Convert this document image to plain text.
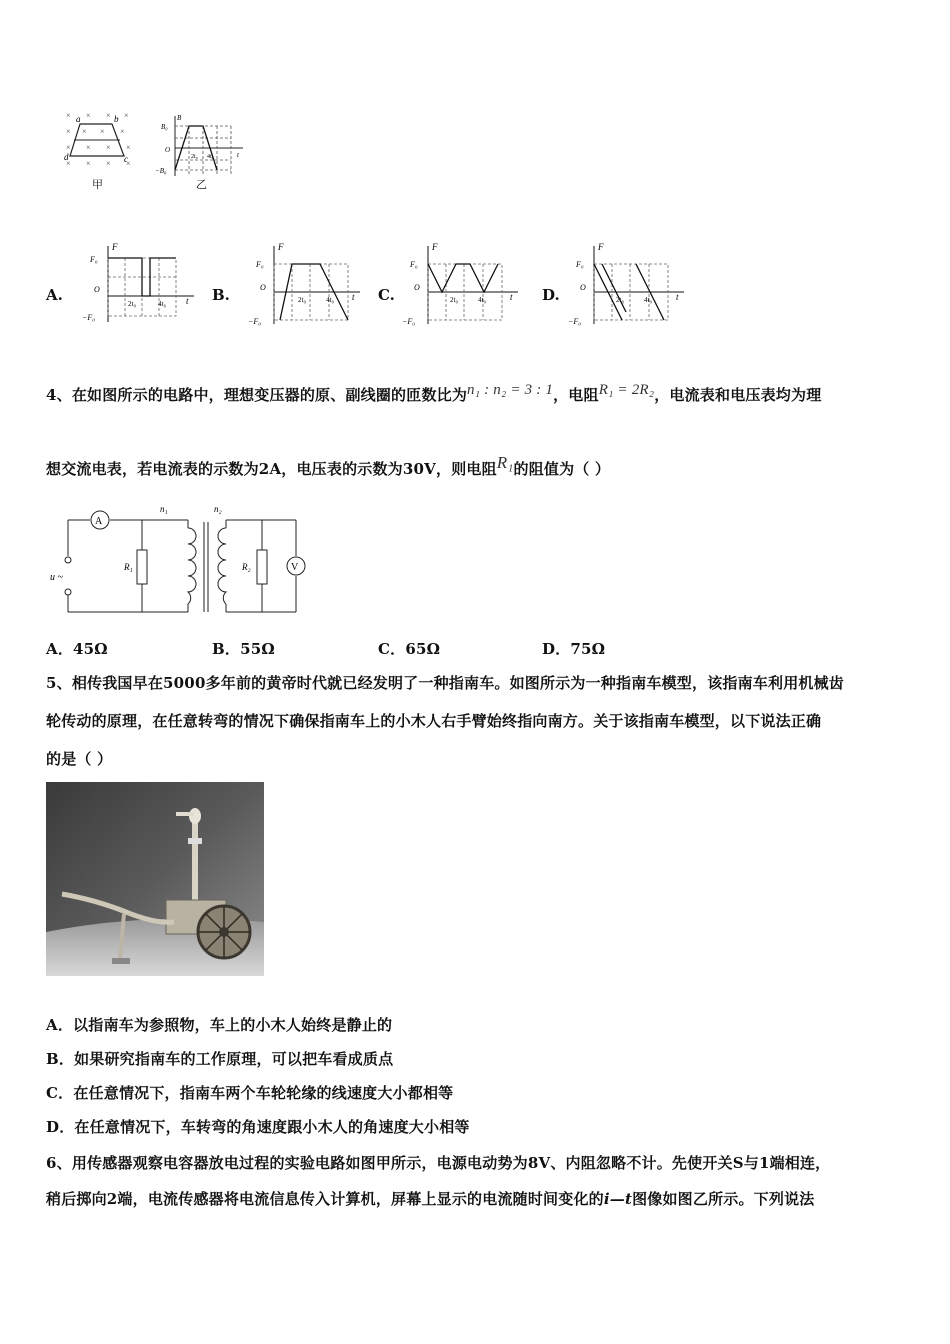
× × × ×
× × × ×
× × × ×
× × × ×
a	b
d	c
甲
B
B₀
O
−B₀
2t₀ 4t₀	t
乙
A.
F
F₀
O
−F₀
2t₀	4t₀ t B.
F
F₀
O
−F₀
2t₀	4t₀ t C.
F
F₀
O
−F₀
2t₀	4t₀	t D.
F
F₀
O
−F₀
2t₀	4t₀	t
4、在如图所示的电路中，理想变压器的原、副线圈的匝数比为n₁ : n₂ = 3 : 1，电阻R₁ = 2R₂，电流表和电压表均为理
想交流电表，若电流表的示数为2A，电压表的示数为30V，则电阻R₁的阻值为（ ）
A
V
n₁	n₂
R₁	R₂
u ~
A．45Ω	B．55Ω	C．65Ω	D．75Ω
5、相传我国早在5000多年前的黄帝时代就已经发明了一种指南车。如图所示为一种指南车模型，该指南车利用机械齿
轮传动的原理，在任意转弯的情况下确保指南车上的小木人右手臂始终指向南方。关于该指南车模型，以下说法正确
的是（ ）
A．以指南车为参照物，车上的小木人始终是静止的
B．如果研究指南车的工作原理，可以把车看成质点
C．在任意情况下，指南车两个车轮轮缘的线速度大小都相等
D．在任意情况下，车转弯的角速度跟小木人的角速度大小相等
6、用传感器观察电容器放电过程的实验电路如图甲所示，电源电动势为8V、内阻忽略不计。先使开关S与1端相连，
稍后掷向2端，电流传感器将电流信息传入计算机，屏幕上显示的电流随时间变化的i—t图像如图乙所示。下列说法
